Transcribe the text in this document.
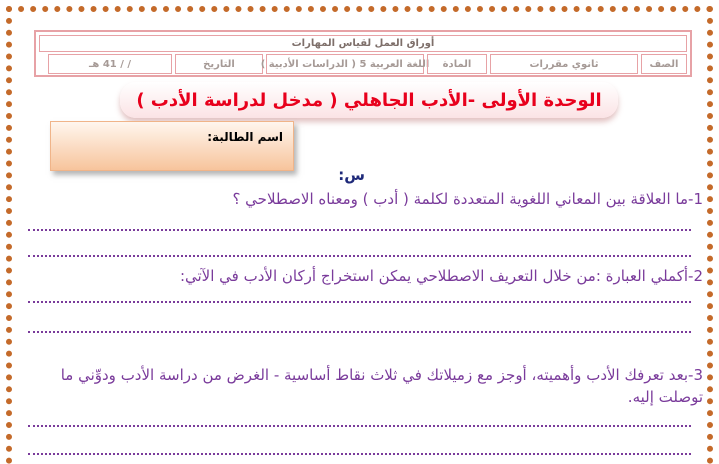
أوراق العمل لقياس المهارات
الصف
ثانوي مقررات
المادة
اللغة العربية 5 ( الدراسات الأدبية )
التاريخ
/ / 41 هـ
الوحدة الأولى -الأدب الجاهلي ( مدخل لدراسة الأدب )
اسم الطالبة:
س:
1-ما العلاقة بين المعاني اللغوية المتعددة لكلمة ( أدب ) ومعناه الاصطلاحي ؟
2-أكملي العبارة :من خلال التعريف الاصطلاحي يمكن استخراج أركان الأدب في الآتي:
3-بعد تعرفك الأدب وأهميته، أوجز مع زميلاتك في ثلاث نقاط أساسية - الغرض من دراسة الأدب ودوِّني ما توصلت إليه.
